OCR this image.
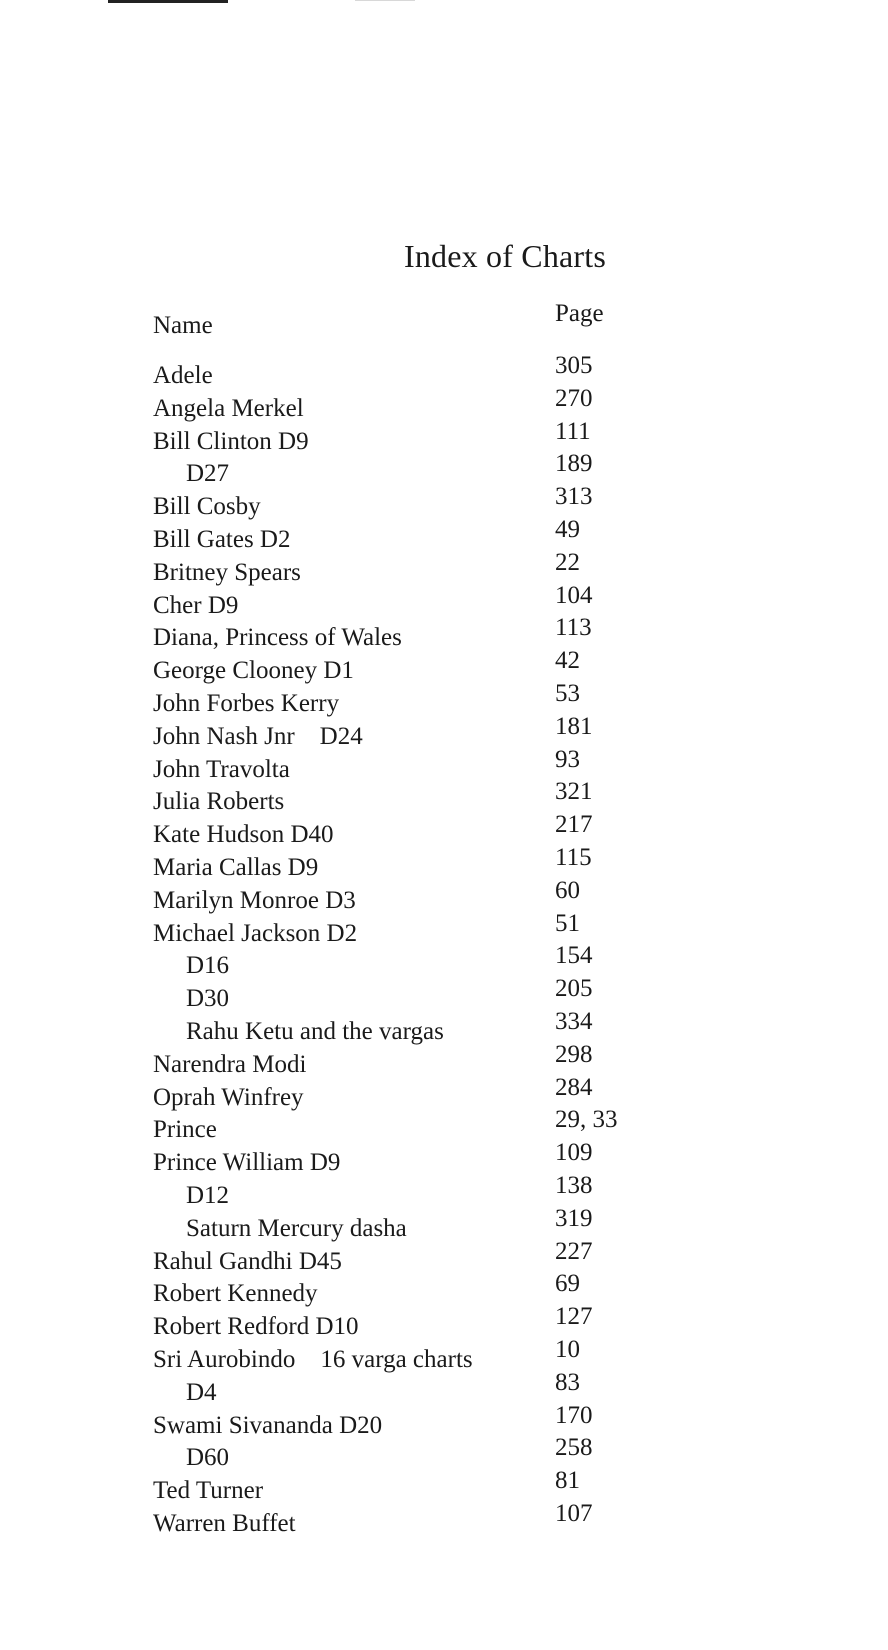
Index of Charts
Name	Page
Adele	305
Angela Merkel	270
Bill Clinton D9	111
D27	189
Bill Cosby	313
Bill Gates D2	49
Britney Spears	22
Cher D9	104
Diana, Princess of Wales	113
George Clooney D1	42
John Forbes Kerry	53
John Nash Jnr    D24	181
John Travolta	93
Julia Roberts	321
Kate Hudson D40	217
Maria Callas D9	115
Marilyn Monroe D3	60
Michael Jackson D2	51
D16	154
D30	205
Rahu Ketu and the vargas	334
Narendra Modi	298
Oprah Winfrey	284
Prince	29, 33
Prince William D9	109
D12	138
Saturn Mercury dasha	319
Rahul Gandhi D45	227
Robert Kennedy	69
Robert Redford D10	127
Sri Aurobindo    16 varga charts	10
D4	83
Swami Sivananda D20	170
D60	258
Ted Turner	81
Warren Buffet	107
